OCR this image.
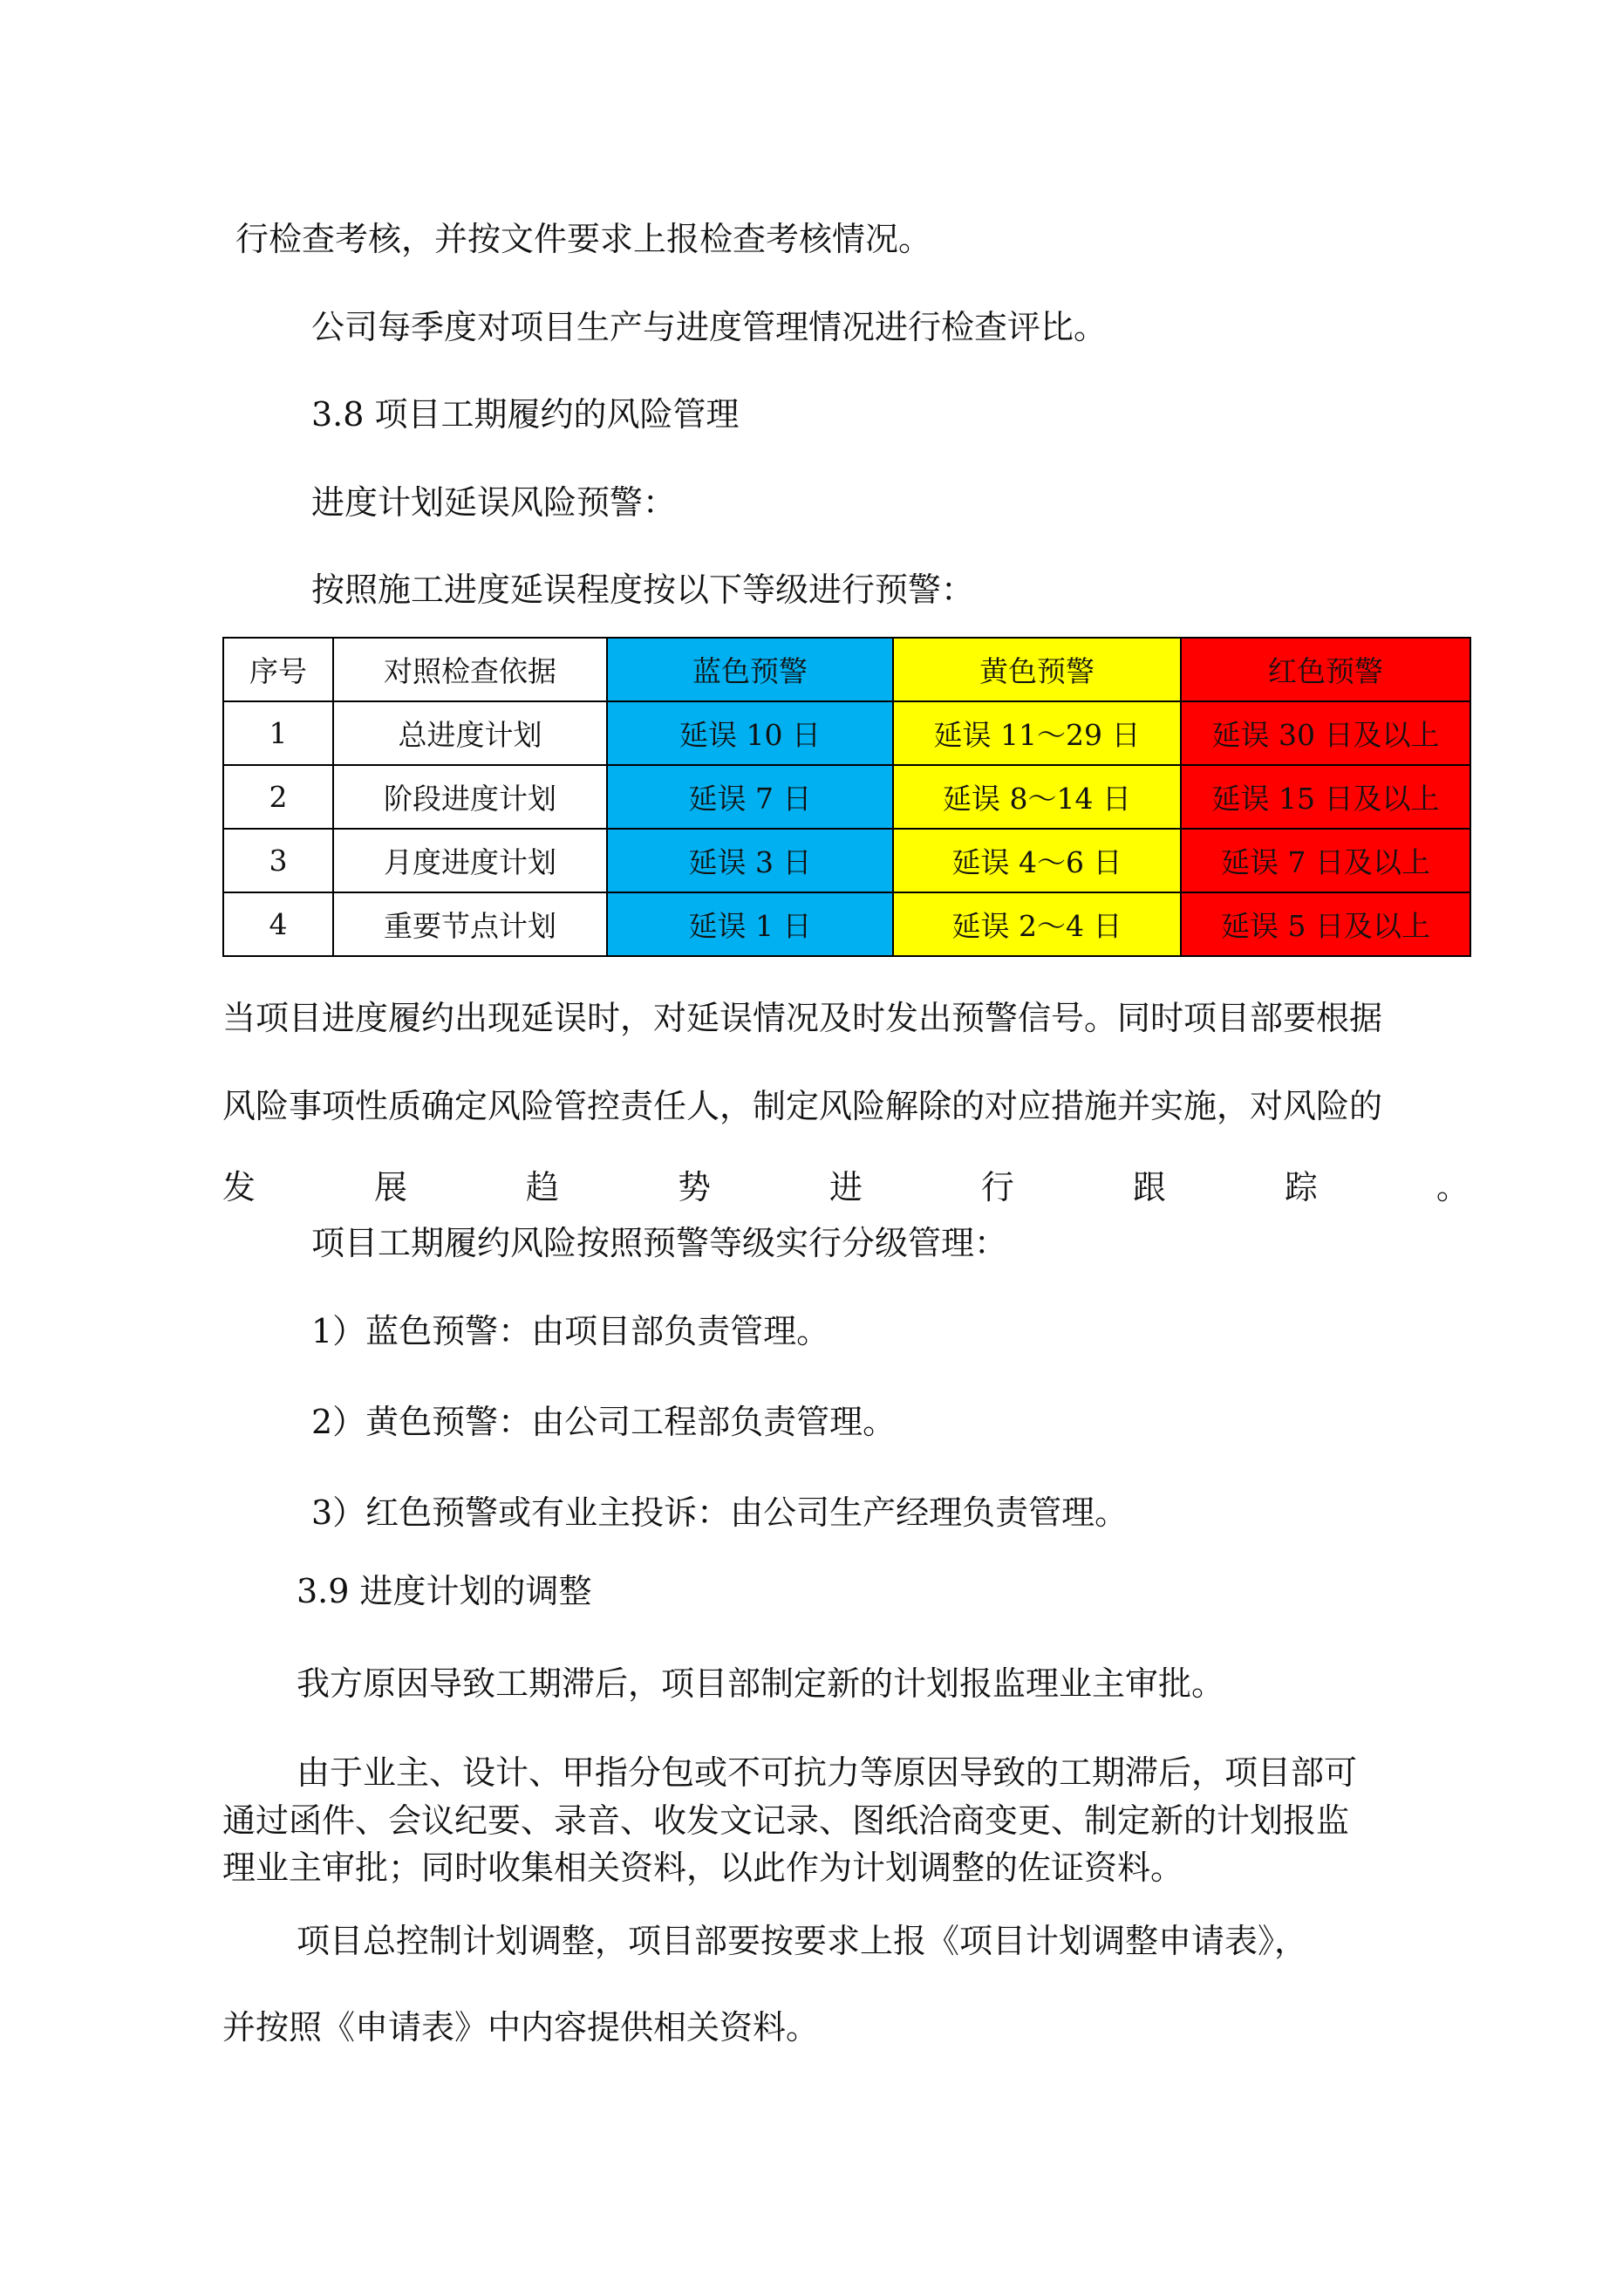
行检查考核，并按文件要求上报检查考核情况。

公司每季度对项目生产与进度管理情况进行检查评比。

3.8 项目工期履约的风险管理

进度计划延误风险预警：

按照施工进度延误程度按以下等级进行预警：

序号	对照检查依据	蓝色预警	黄色预警	红色预警
1	总进度计划	延误 10 日	延误 11～29 日	延误 30 日及以上
2	阶段进度计划	延误 7 日	延误 8～14 日	延误 15 日及以上
3	月度进度计划	延误 3 日	延误 4～6 日	延误 7 日及以上
4	重要节点计划	延误 1 日	延误 2～4 日	延误 5 日及以上

当项目进度履约出现延误时，对延误情况及时发出预警信号。同时项目部要根据

风险事项性质确定风险管控责任人，制定风险解除的对应措施并实施，对风险的

发	展	趋	势	进	行	跟	踪	。

项目工期履约风险按照预警等级实行分级管理：

1）蓝色预警：由项目部负责管理。

2）黄色预警：由公司工程部负责管理。

3）红色预警或有业主投诉：由公司生产经理负责管理。

3.9 进度计划的调整

我方原因导致工期滞后，项目部制定新的计划报监理业主审批。

由于业主、设计、甲指分包或不可抗力等原因导致的工期滞后，项目部可

通过函件、会议纪要、录音、收发文记录、图纸洽商变更、制定新的计划报监

理业主审批；同时收集相关资料，以此作为计划调整的佐证资料。

项目总控制计划调整，项目部要按要求上报《项目计划调整申请表》，

并按照《申请表》中内容提供相关资料。
